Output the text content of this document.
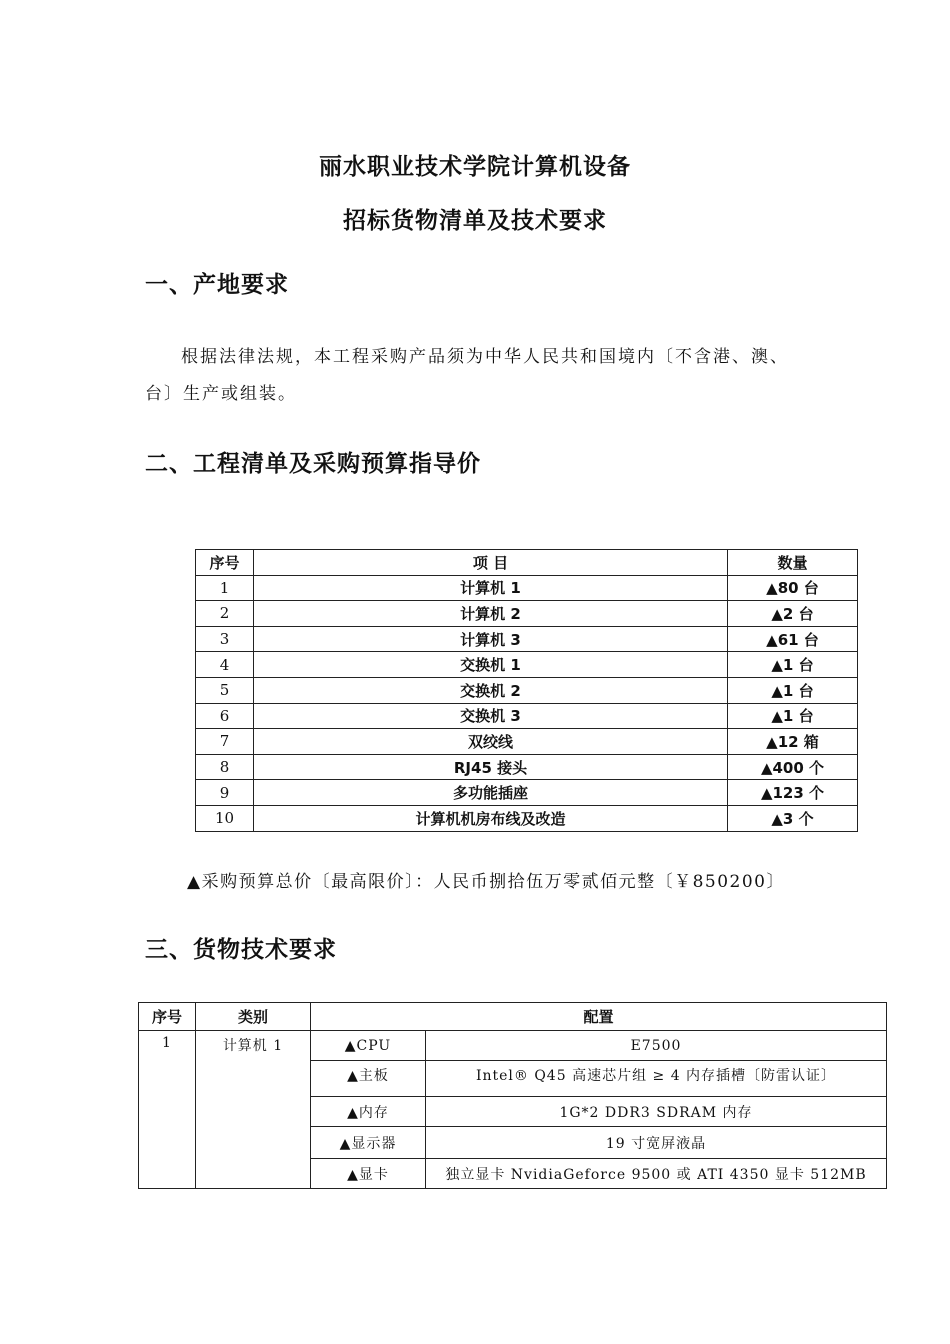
丽水职业技术学院计算机设备
招标货物清单及技术要求
一、产地要求
根据法律法规，本工程采购产品须为中华人民共和国境内〔不含港、澳、
台〕生产或组装。
二、工程清单及采购预算指导价
序号	项 目	数量
1	计算机 1	▲80 台
2	计算机 2	▲2 台
3	计算机 3	▲61 台
4	交换机 1	▲1 台
5	交换机 2	▲1 台
6	交换机 3	▲1 台
7	双绞线	▲12 箱
8	RJ45 接头	▲400 个
9	多功能插座	▲123 个
10	计算机机房布线及改造	▲3 个
▲采购预算总价〔最高限价〕：人民币捌拾伍万零贰佰元整〔￥850200〕
三、货物技术要求
序号	类别	配置	
1	计算机 1	▲CPU	E7500
		▲主板	Intel® Q45 高速芯片组 ≥ 4 内存插槽〔防雷认证〕
		▲内存	1G*2 DDR3 SDRAM 内存
		▲显示器	19 寸宽屏液晶
		▲显卡	独立显卡 NvidiaGeforce 9500 或 ATI 4350 显卡 512MB
